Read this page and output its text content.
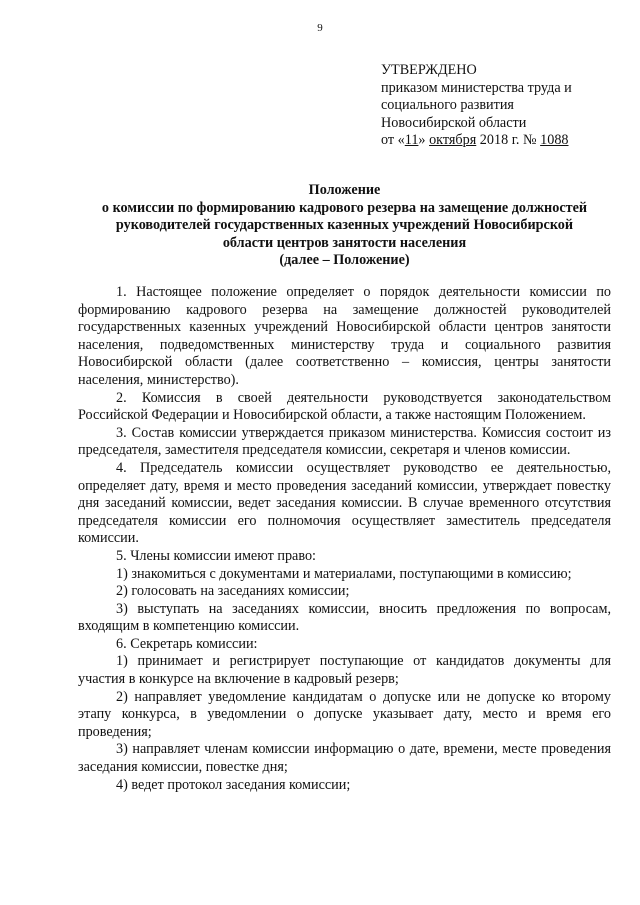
9
УТВЕРЖДЕНО
приказом министерства труда и
социального развития
Новосибирской области
от «11» октября 2018 г. № 1088
Положение
о комиссии по формированию кадрового резерва на замещение должностей
руководителей государственных казенных учреждений Новосибирской
области центров занятости населения
(далее – Положение)

1. Настоящее положение определяет о порядок деятельности комиссии по формированию кадрового резерва на замещение должностей руководителей государственных казенных учреждений Новосибирской области центров занятости населения, подведомственных министерству труда и социального развития Новосибирской области (далее соответственно – комиссия, центры занятости населения, министерство).

2. Комиссия в своей деятельности руководствуется законодательством Российской Федерации и Новосибирской области, а также настоящим Положением.

3. Состав комиссии утверждается приказом министерства. Комиссия состоит из председателя, заместителя председателя комиссии, секретаря и членов комиссии.

4. Председатель комиссии осуществляет руководство ее деятельностью, определяет дату, время и место проведения заседаний комиссии, утверждает повестку дня заседаний комиссии, ведет заседания комиссии. В случае временного отсутствия председателя комиссии его полномочия осуществляет заместитель председателя комиссии.

5. Члены комиссии имеют право:

1) знакомиться с документами и материалами, поступающими в комиссию;

2) голосовать на заседаниях комиссии;

3) выступать на заседаниях комиссии, вносить предложения по вопросам, входящим в компетенцию комиссии.

6. Секретарь комиссии:

1) принимает и регистрирует поступающие от кандидатов документы для участия в конкурсе на включение в кадровый резерв;

2) направляет уведомление кандидатам о допуске или не допуске ко второму этапу конкурса, в уведомлении о допуске указывает дату, место и время его проведения;

3) направляет членам комиссии информацию о дате, времени, месте проведения заседания комиссии, повестке дня;

4) ведет протокол заседания комиссии;
